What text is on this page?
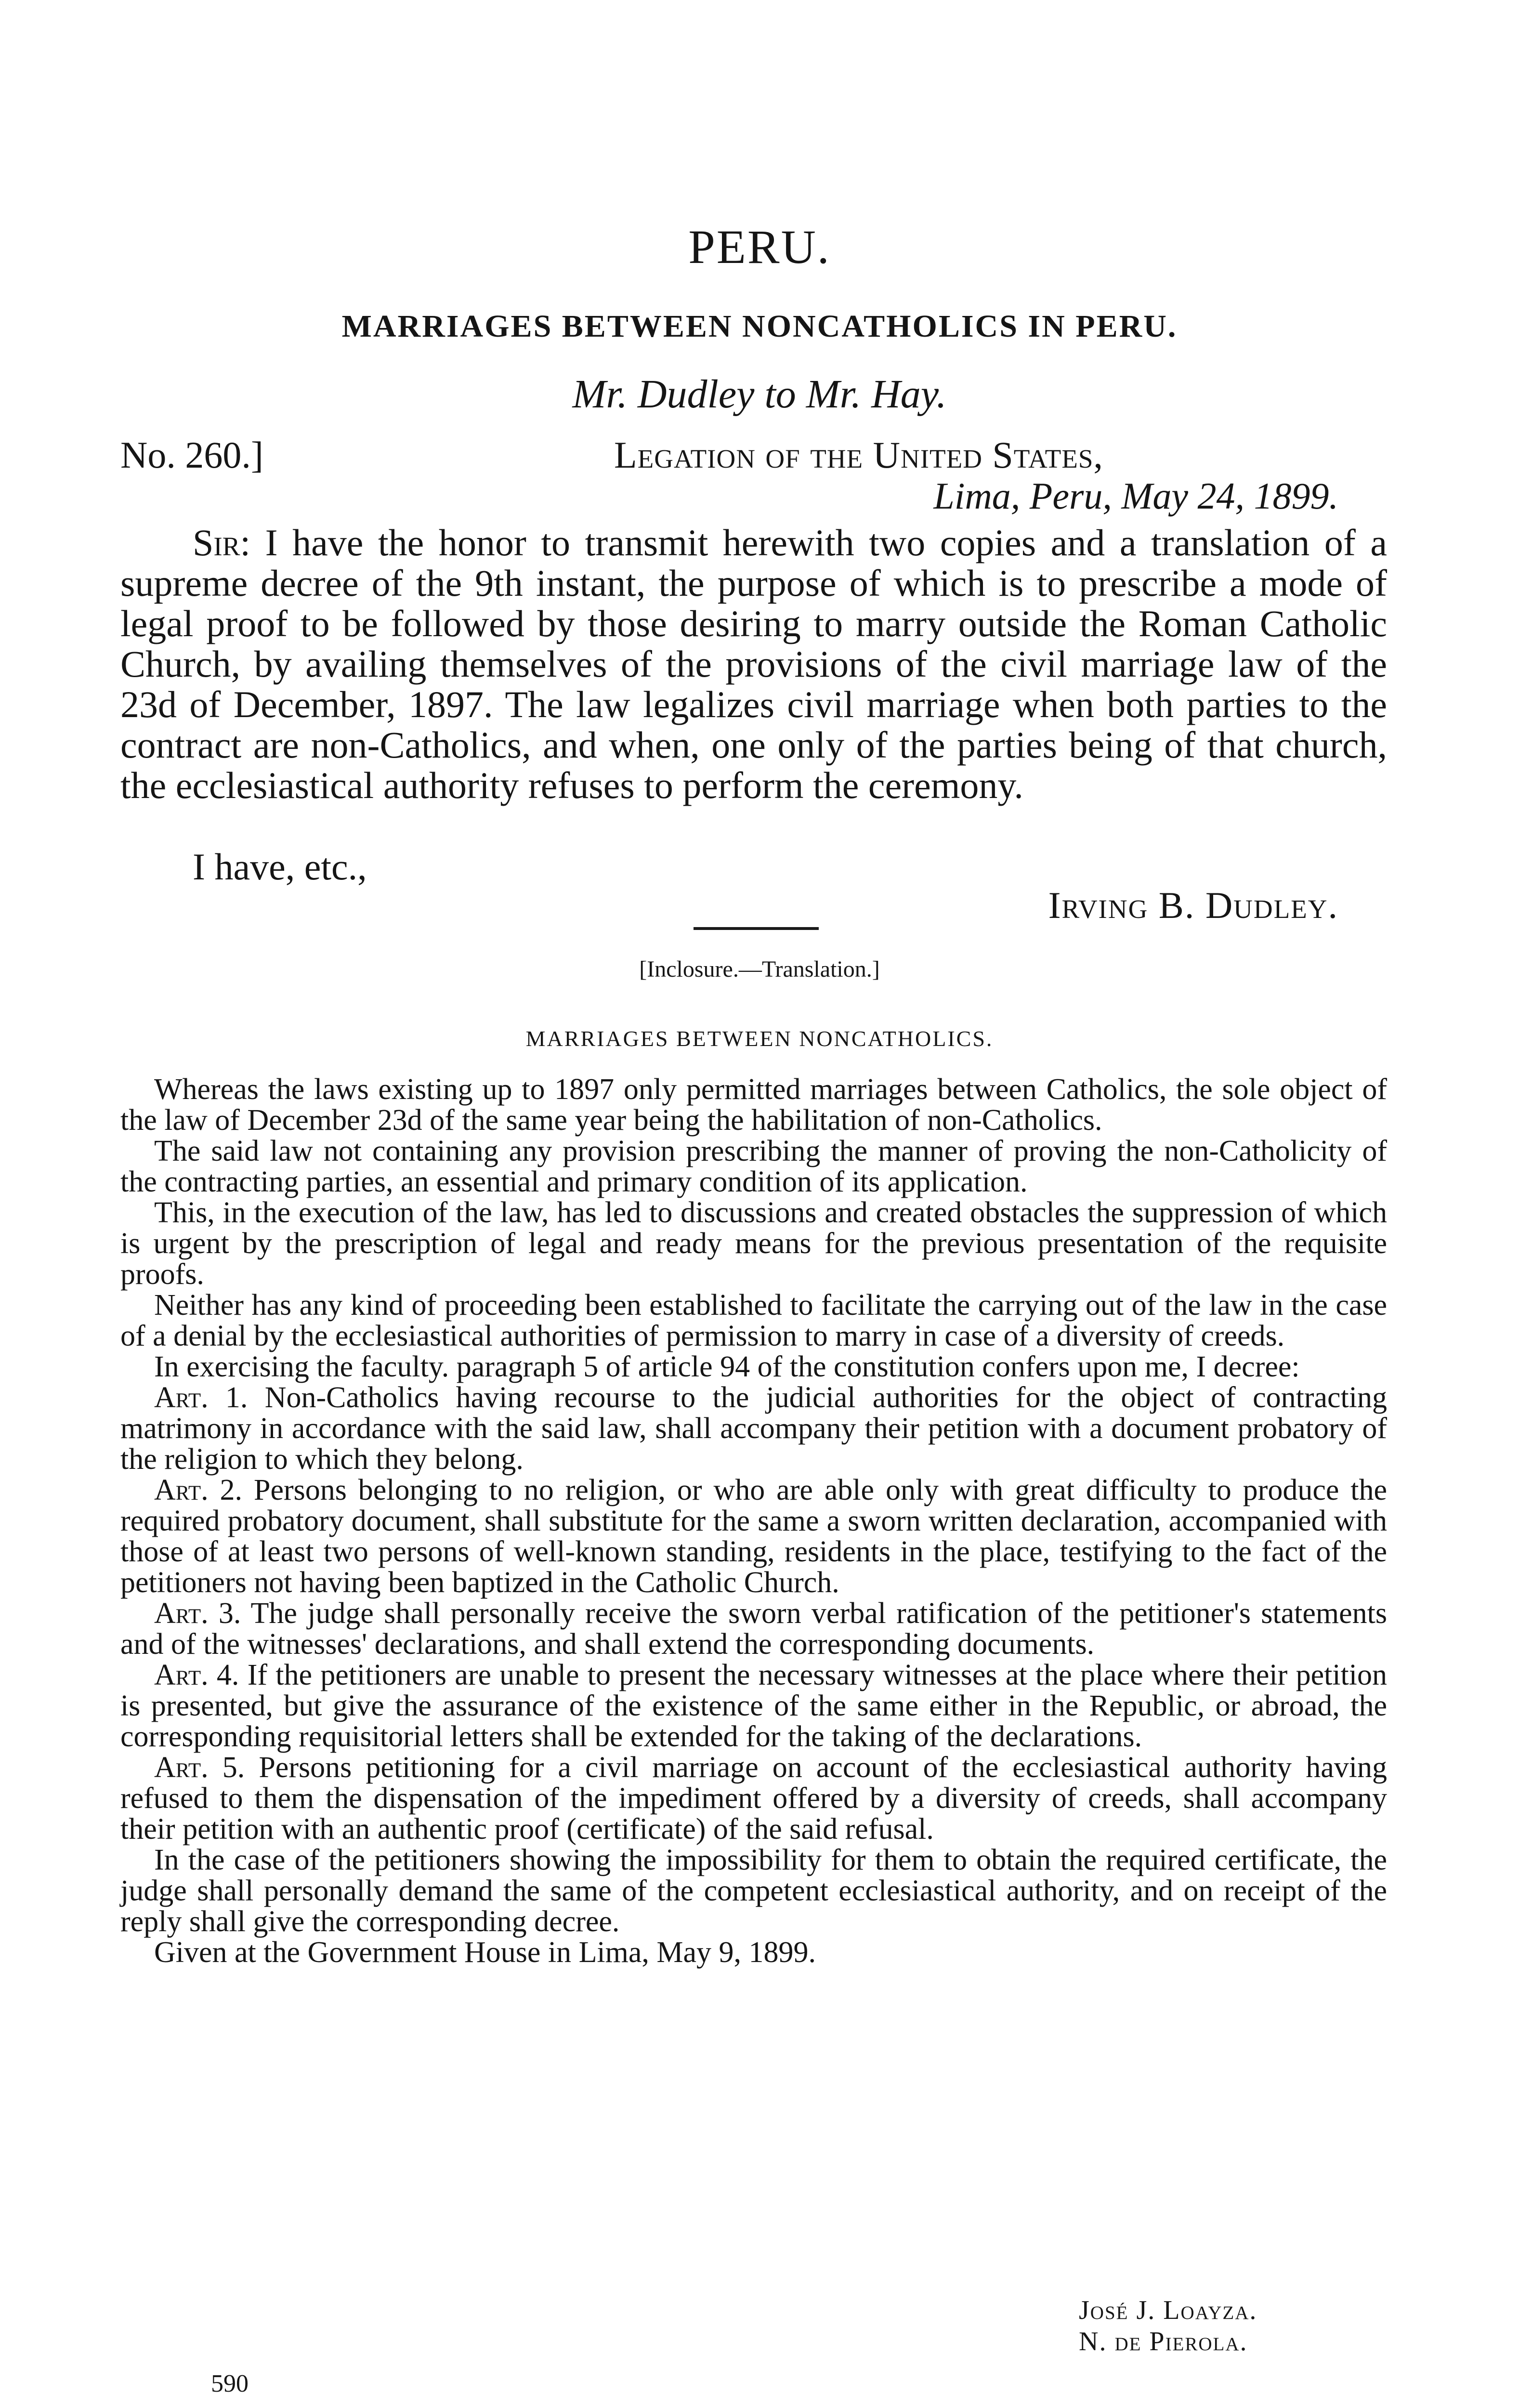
PERU.
MARRIAGES BETWEEN NONCATHOLICS IN PERU.
Mr. Dudley to Mr. Hay.
No. 260.]	Legation of the United States,
Lima, Peru, May 24, 1899.

Sir: I have the honor to transmit herewith two copies and a translation of a supreme decree of the 9th instant, the purpose of which is to prescribe a mode of legal proof to be followed by those desiring to marry outside the Roman Catholic Church, by availing themselves of the provisions of the civil marriage law of the 23d of December, 1897. The law legalizes civil marriage when both parties to the contract are non-Catholics, and when, one only of the parties being of that church, the ecclesiastical authority refuses to perform the ceremony.

I have, etc.,
Irving B. Dudley.
[Inclosure.—Translation.]
MARRIAGES BETWEEN NONCATHOLICS.

Whereas the laws existing up to 1897 only permitted marriages between Catholics, the sole object of the law of December 23d of the same year being the habilitation of non-Catholics.

The said law not containing any provision prescribing the manner of proving the non-Catholicity of the contracting parties, an essential and primary condition of its application.

This, in the execution of the law, has led to discussions and created obstacles the suppression of which is urgent by the prescription of legal and ready means for the previous presentation of the requisite proofs.

Neither has any kind of proceeding been established to facilitate the carrying out of the law in the case of a denial by the ecclesiastical authorities of permission to marry in case of a diversity of creeds.

In exercising the faculty. paragraph 5 of article 94 of the constitution confers upon me, I decree:

Art. 1. Non-Catholics having recourse to the judicial authorities for the object of contracting matrimony in accordance with the said law, shall accompany their petition with a document probatory of the religion to which they belong.

Art. 2. Persons belonging to no religion, or who are able only with great difficulty to produce the required probatory document, shall substitute for the same a sworn written declaration, accompanied with those of at least two persons of well-known standing, residents in the place, testifying to the fact of the petitioners not having been baptized in the Catholic Church.

Art. 3. The judge shall personally receive the sworn verbal ratification of the petitioner's statements and of the witnesses' declarations, and shall extend the corresponding documents.

Art. 4. If the petitioners are unable to present the necessary witnesses at the place where their petition is presented, but give the assurance of the existence of the same either in the Republic, or abroad, the corresponding requisitorial letters shall be extended for the taking of the declarations.

Art. 5. Persons petitioning for a civil marriage on account of the ecclesiastical authority having refused to them the dispensation of the impediment offered by a diversity of creeds, shall accompany their petition with an authentic proof (certificate) of the said refusal.

In the case of the petitioners showing the impossibility for them to obtain the required certificate, the judge shall personally demand the same of the competent ecclesiastical authority, and on receipt of the reply shall give the corresponding decree.

Given at the Government House in Lima, May 9, 1899.

José J. Loayza.
N. de Pierola.
590
